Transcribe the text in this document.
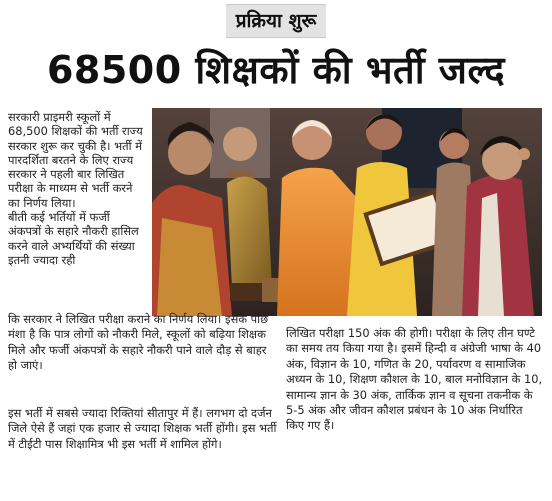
प्रक्रिया शुरू
68500 शिक्षकों की भर्ती जल्द

सरकारी प्राइमरी स्कूलों में 68,500 शिक्षकों की भर्ती राज्य सरकार शुरू कर चुकी है। भर्ती में पारदर्शिता बरतने के लिए राज्य सरकार ने पहली बार लिखित परीक्षा के माध्यम से भर्ती करने का निर्णय लिया।

बीती कई भर्तियों में फर्जी अंकपत्रों के सहारे नौकरी हासिल करने वाले अभ्यर्थियों की संख्या इतनी ज्यादा रही

कि सरकार ने लिखित परीक्षा कराने का निर्णय लिया। इसके पीछे मंशा है कि पात्र लोगों को नौकरी मिले, स्कूलों को बढ़िया शिक्षक मिले और फर्जी अंकपत्रों के सहारे नौकरी पाने वाले दौड़ से बाहर हो जाएं।

इस भर्ती में सबसे ज्यादा रिक्तियां सीतापुर में हैं। लगभग दो दर्जन जिले ऐसे हैं जहां एक हजार से ज्यादा शिक्षक भर्ती होंगी। इस भर्ती में टीईटी पास शिक्षामित्र भी इस भर्ती में शामिल होंगे।

लिखित परीक्षा 150 अंक की होगी। परीक्षा के लिए तीन घण्टे का समय तय किया गया है। इसमें हिन्दी व अंग्रेजी भाषा के 40 अंक, विज्ञान के 10, गणित के 20, पर्यावरण व सामाजिक अध्यन के 10, शिक्षण कौशल के 10, बाल मनोविज्ञान के 10, सामान्य ज्ञान के 30 अंक, तार्किक ज्ञान व सूचना तकनीक के 5-5 अंक और जीवन कौशल प्रबंधन के 10 अंक निर्धारित किए गए हैं।
